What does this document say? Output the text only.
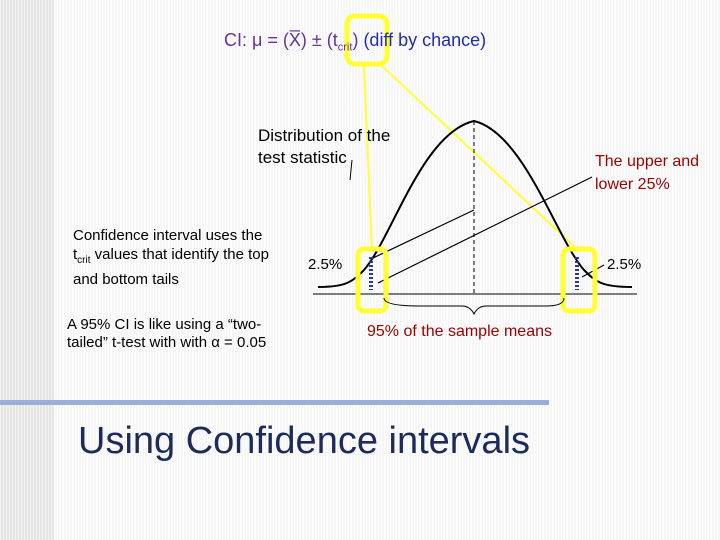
CI: μ = (X̅) ± $(t_{crit})$ (diff by chance)
Distribution of the test statistic
Confidence interval uses the $t_{crit}$ values that identify the top and bottom tails
A 95% CI is like using a “two-tailed” t-test with with α = 0.05
The upper and lower 25%
2.5%	2.5%
95% of the sample means
Using Confidence intervals
